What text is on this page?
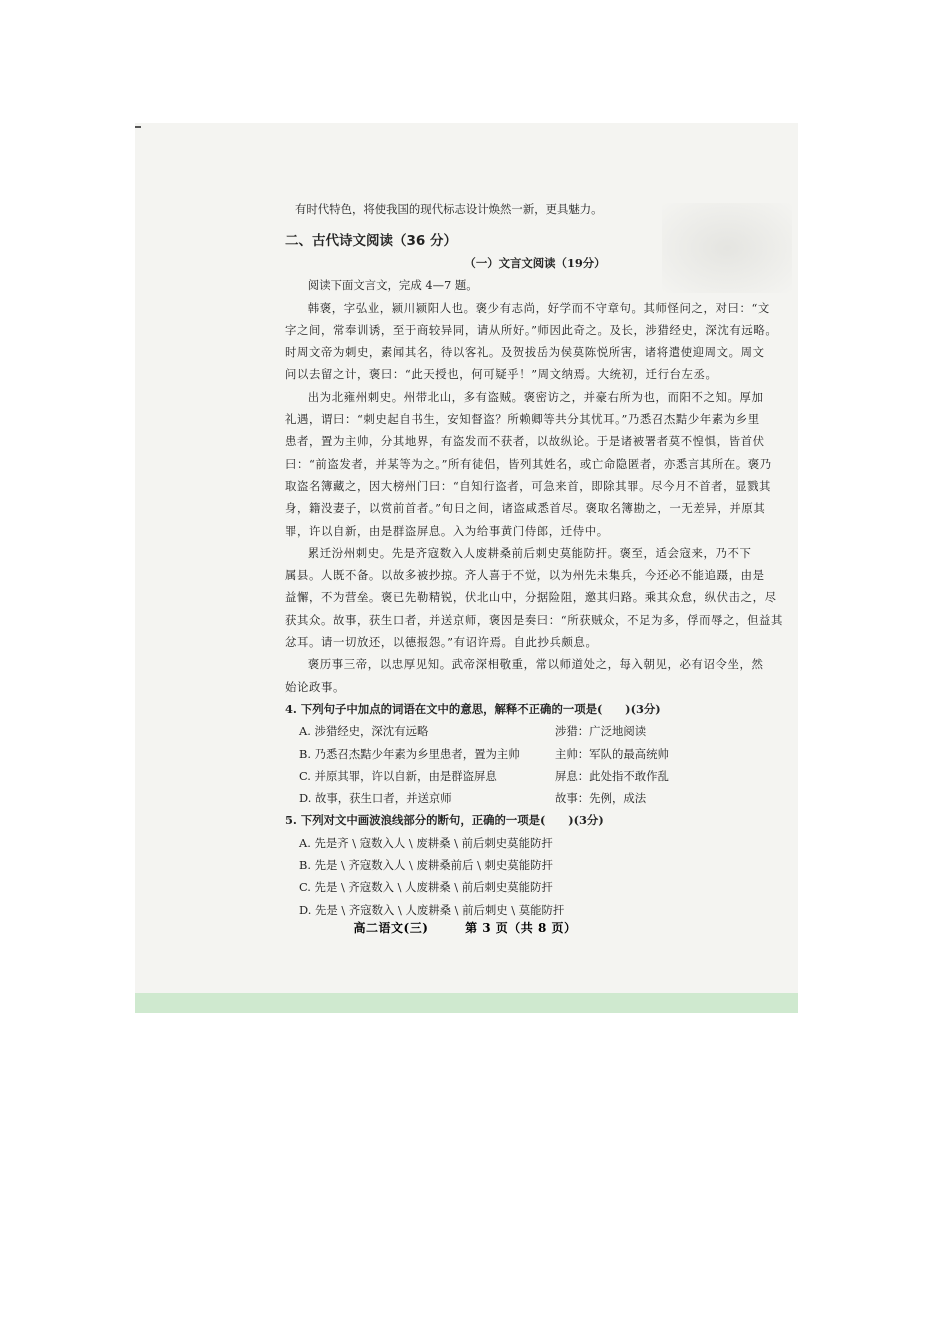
有时代特色，将使我国的现代标志设计焕然一新，更具魅力。
二、古代诗文阅读（36 分）
（一）文言文阅读（19分）
阅读下面文言文，完成 4—7 题。
韩褒，字弘业，颍川颍阳人也。褒少有志尚，好学而不守章句。其师怪问之，对曰：“文
字之间，常奉训诱，至于商较异同，请从所好。”师因此奇之。及长，涉猎经史，深沈有远略。
时周文帝为刺史，素闻其名，待以客礼。及贺拔岳为侯莫陈悦所害，诸将遣使迎周文。周文
问以去留之计，褒曰：“此天授也，何可疑乎！”周文纳焉。大统初，迁行台左丞。
出为北雍州刺史。州带北山，多有盗贼。褒密访之，并豪右所为也，而阳不之知。厚加
礼遇，谓曰：“刺史起自书生，安知督盗？所赖卿等共分其忧耳。”乃悉召杰黠少年素为乡里
患者，置为主帅，分其地界，有盗发而不获者，以故纵论。于是诸被署者莫不惶惧，皆首伏
曰：“前盗发者，并某等为之。”所有徒侣，皆列其姓名，或亡命隐匿者，亦悉言其所在。褒乃
取盗名簿藏之，因大榜州门曰：“自知行盗者，可急来首，即除其罪。尽今月不首者，显戮其
身，籍没妻子，以赏前首者。”旬日之间，诸盗咸悉首尽。褒取名簿勘之，一无差异，并原其
罪，许以自新，由是群盗屏息。入为给事黄门侍郎，迁侍中。
累迁汾州刺史。先是齐寇数入人废耕桑前后刺史莫能防扞。褒至，适会寇来，乃不下
属县。人既不备。以故多被抄掠。齐人喜于不觉，以为州先未集兵，今还必不能追蹑，由是
益懈，不为营垒。褒已先勒精锐，伏北山中，分据险阻，邀其归路。乘其众怠，纵伏击之，尽
获其众。故事，获生口者，并送京师，褒因是奏曰：“所获贼众，不足为多，俘而辱之，但益其
忿耳。请一切放还，以德报怨。”有诏许焉。自此抄兵颇息。
褒历事三帝，以忠厚见知。武帝深相敬重，常以师道处之，每入朝见，必有诏令坐，然
始论政事。
4. 下列句子中加点的词语在文中的意思，解释不正确的一项是(　　)(3分)
A. 涉猎经史，深沈有远略	涉猎：广泛地阅读
B. 乃悉召杰黠少年素为乡里患者，置为主帅	主帅：军队的最高统帅
C. 并原其罪，许以自新，由是群盗屏息	屏息：此处指不敢作乱
D. 故事，获生口者，并送京师	故事：先例，成法
5. 下列对文中画波浪线部分的断句，正确的一项是(　　)(3分)
A. 先是齐 \ 寇数入人 \ 废耕桑 \ 前后刺史莫能防扞
B. 先是 \ 齐寇数入人 \ 废耕桑前后 \ 刺史莫能防扞
C. 先是 \ 齐寇数入 \ 人废耕桑 \ 前后刺史莫能防扞
D. 先是 \ 齐寇数入 \ 人废耕桑 \ 前后刺史 \ 莫能防扞
高二语文(三)	第 3 页（共 8 页）
